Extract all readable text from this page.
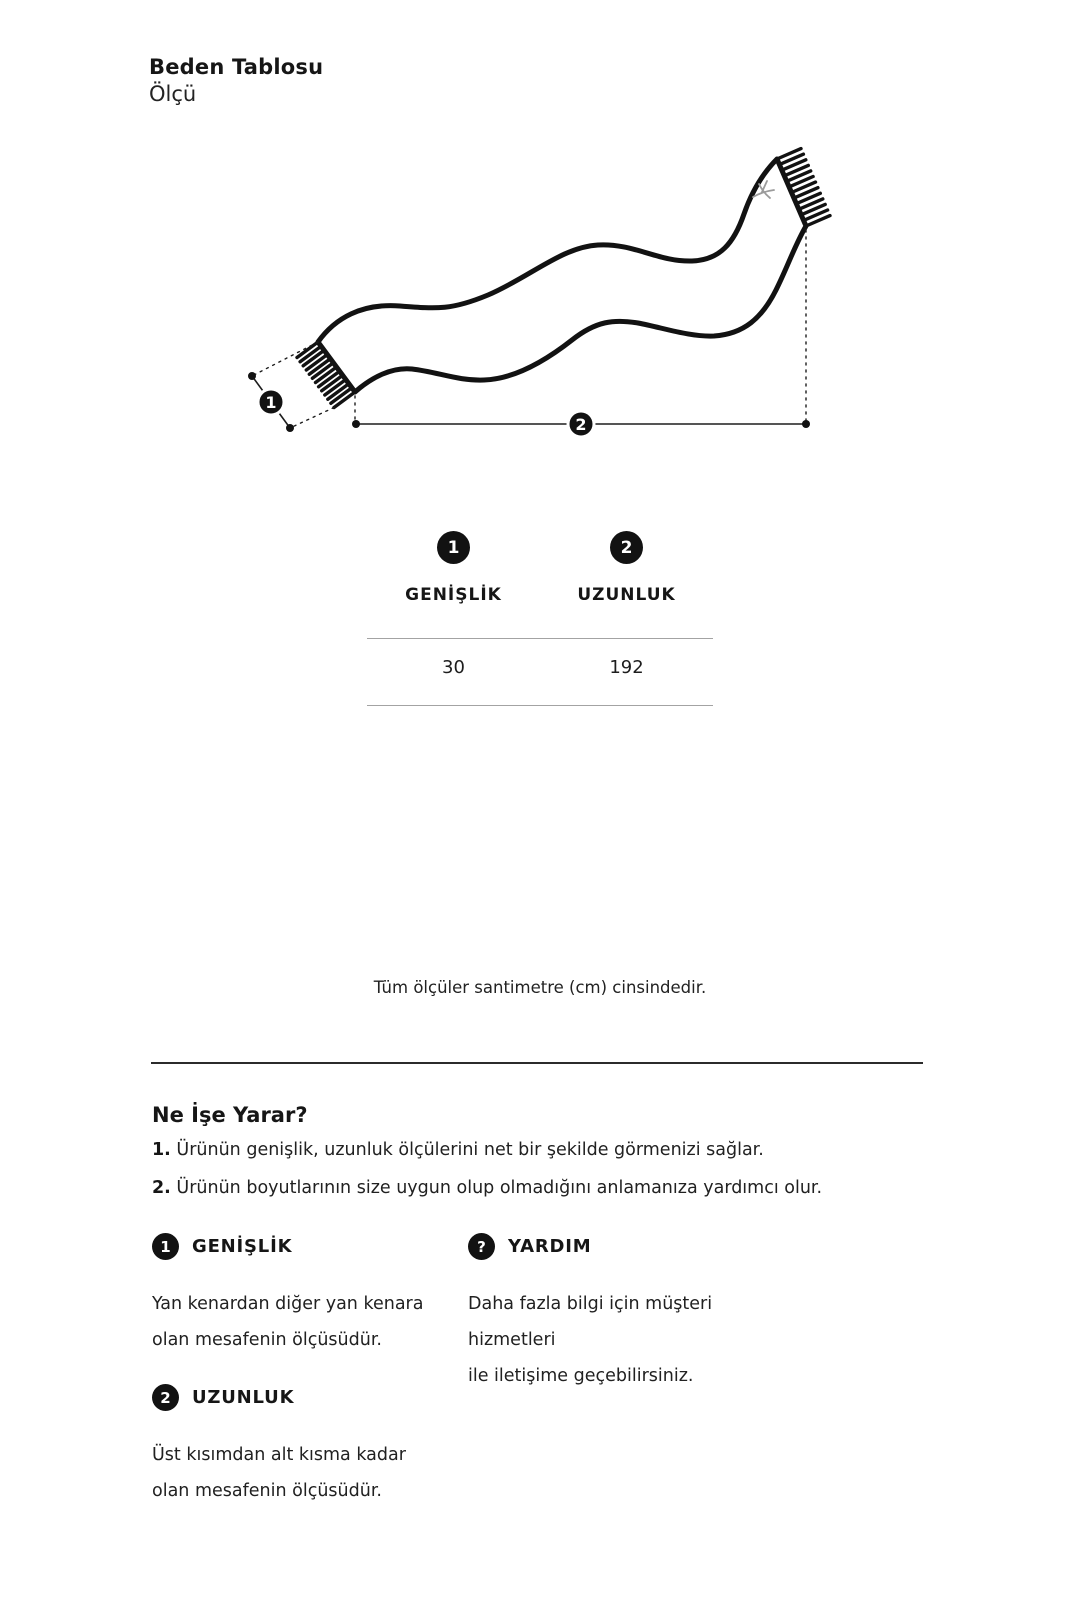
Beden Tablosu
Ölçü
1
2
1	2
GENİŞLİK	UZUNLUK
30	192
Tüm ölçüler santimetre (cm) cinsindedir.
Ne İşe Yarar?

1. Ürünün genişlik, uzunluk ölçülerini net bir şekilde görmenizi sağlar.

2. Ürünün boyutlarının size uygun olup olmadığını anlamanıza yardımcı olur.

1	GENİŞLİK
Yan kenardan diğer yan kenara
olan mesafenin ölçüsüdür.
?	YARDIM
Daha fazla bilgi için müşteri hizmetleri
ile iletişime geçebilirsiniz.
2	UZUNLUK
Üst kısımdan alt kısma kadar
olan mesafenin ölçüsüdür.
